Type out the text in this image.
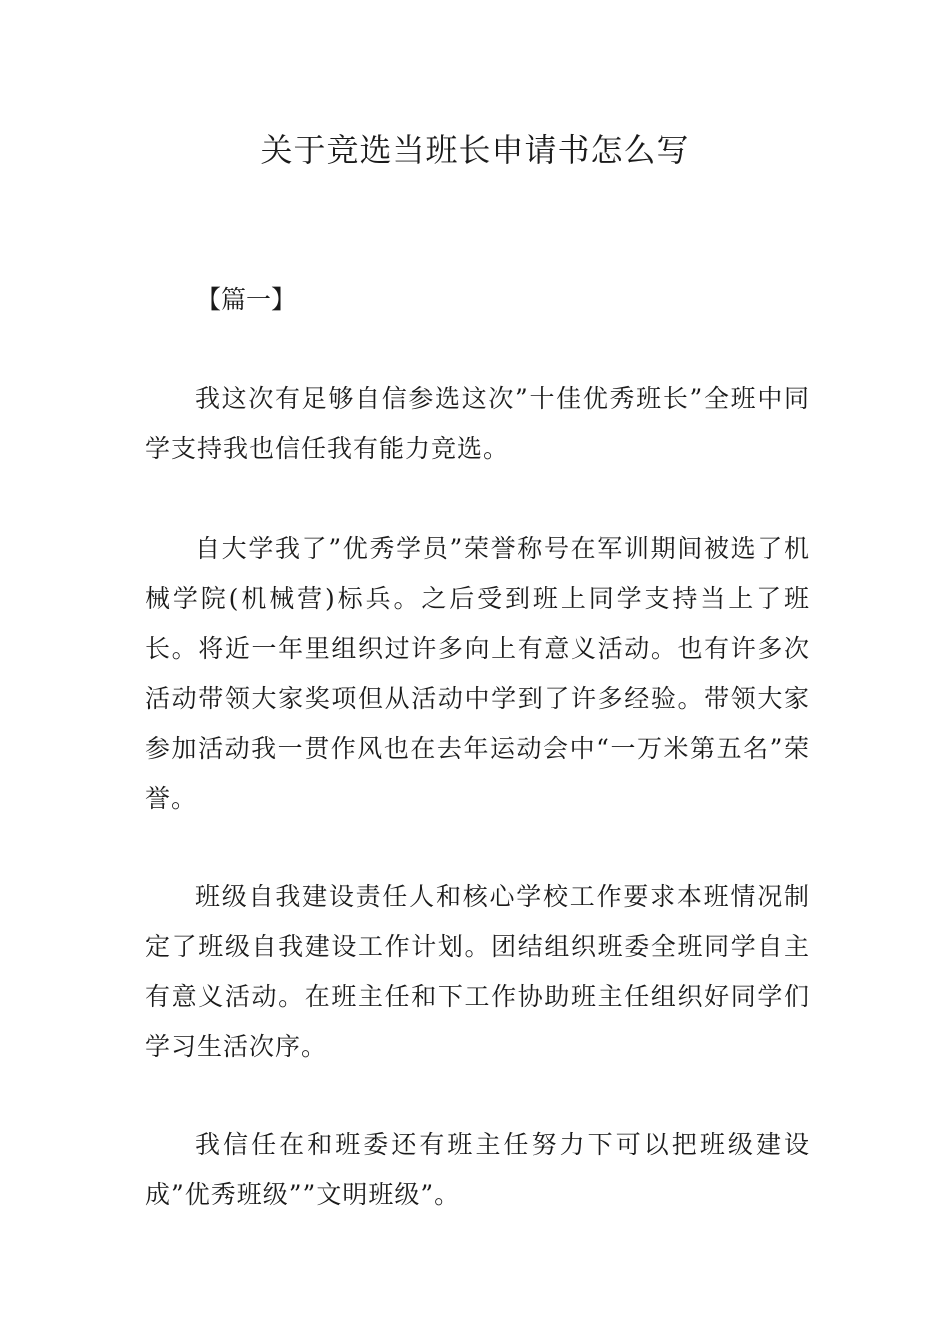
关于竞选当班长申请书怎么写

【篇一】

我这次有足够自信参选这次”十佳优秀班长”全班中同学支持我也信任我有能力竞选。

自大学我了”优秀学员”荣誉称号在军训期间被选了机械学院(机械营)标兵。之后受到班上同学支持当上了班长。将近一年里组织过许多向上有意义活动。也有许多次活动带领大家奖项但从活动中学到了许多经验。带领大家参加活动我一贯作风也在去年运动会中“一万米第五名”荣誉。

班级自我建设责任人和核心学校工作要求本班情况制定了班级自我建设工作计划。团结组织班委全班同学自主有意义活动。在班主任和下工作协助班主任组织好同学们学习生活次序。

我信任在和班委还有班主任努力下可以把班级建设成”优秀班级””文明班级”。
